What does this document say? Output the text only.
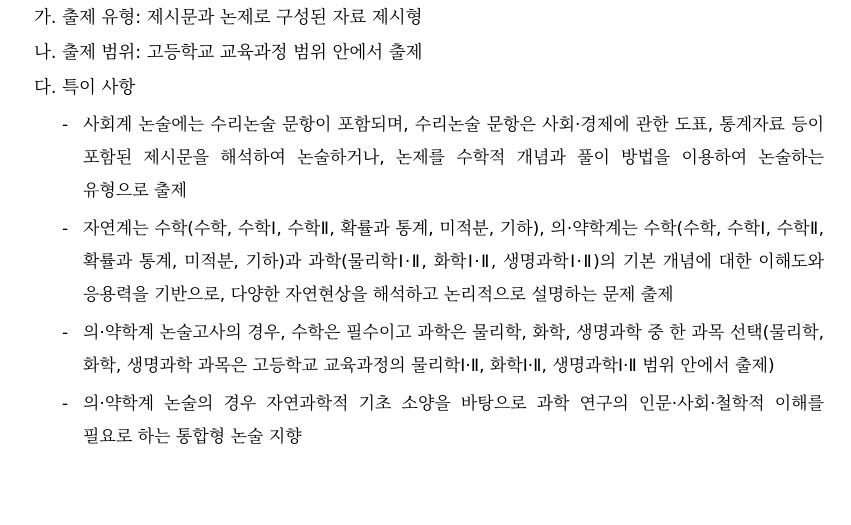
가. 출제 유형: 제시문과 논제로 구성된 자료 제시형
나. 출제 범위: 고등학교 교육과정 범위 안에서 출제
다. 특이 사항
- 사회계 논술에는 수리논술 문항이 포함되며, 수리논술 문항은 사회·경제에 관한 도표, 통계자료 등이 포함된 제시문을 해석하여 논술하거나, 논제를 수학적 개념과 풀이 방법을 이용하여 논술하는 유형으로 출제
- 자연계는 수학(수학, 수학Ⅰ, 수학Ⅱ, 확률과 통계, 미적분, 기하), 의·약학계는 수학(수학, 수학Ⅰ, 수학Ⅱ, 확률과 통계, 미적분, 기하)과 과학(물리학Ⅰ·Ⅱ, 화학Ⅰ·Ⅱ, 생명과학Ⅰ·Ⅱ)의 기본 개념에 대한 이해도와 응용력을 기반으로, 다양한 자연현상을 해석하고 논리적으로 설명하는 문제 출제
- 의·약학계 논술고사의 경우, 수학은 필수이고 과학은 물리학, 화학, 생명과학 중 한 과목 선택(물리학, 화학, 생명과학 과목은 고등학교 교육과정의 물리학Ⅰ·Ⅱ, 화학Ⅰ·Ⅱ, 생명과학Ⅰ·Ⅱ 범위 안에서 출제)
- 의·약학계 논술의 경우 자연과학적 기초 소양을 바탕으로 과학 연구의 인문·사회·철학적 이해를 필요로 하는 통합형 논술 지향
